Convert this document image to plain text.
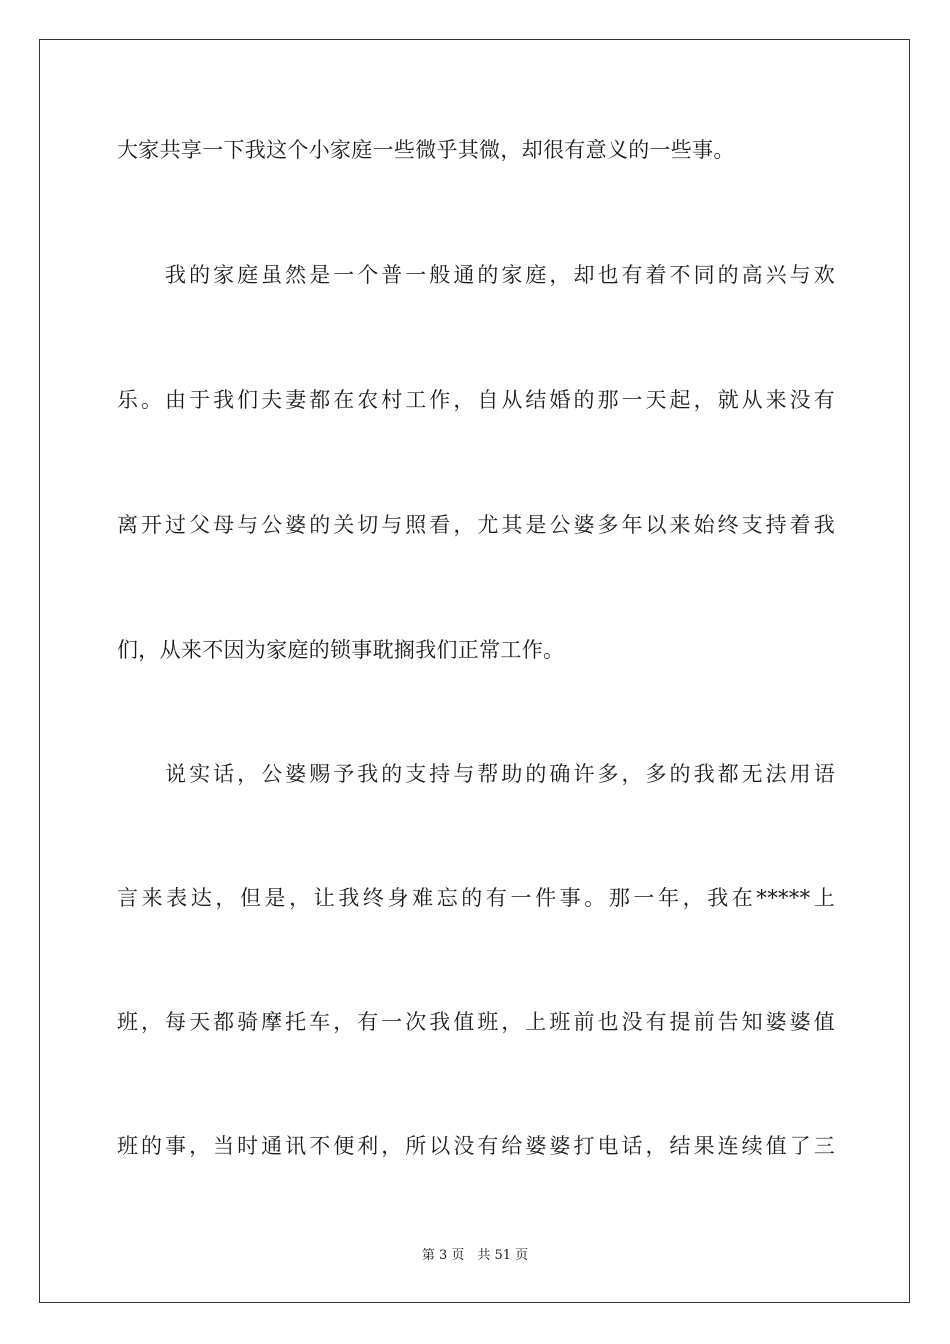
大家共享一下我这个小家庭一些微乎其微，却很有意义的一些事。
　　我的家庭虽然是一个普一般通的家庭，却也有着不同的高兴与欢
乐。由于我们夫妻都在农村工作，自从结婚的那一天起，就从来没有
离开过父母与公婆的关切与照看，尤其是公婆多年以来始终支持着我
们，从来不因为家庭的锁事耽搁我们正常工作。
　　说实话，公婆赐予我的支持与帮助的确许多，多的我都无法用语
言来表达，但是，让我终身难忘的有一件事。那一年，我在*****上
班，每天都骑摩托车，有一次我值班，上班前也没有提前告知婆婆值
班的事，当时通讯不便利，所以没有给婆婆打电话，结果连续值了三
第 3 页　 共 51 页
